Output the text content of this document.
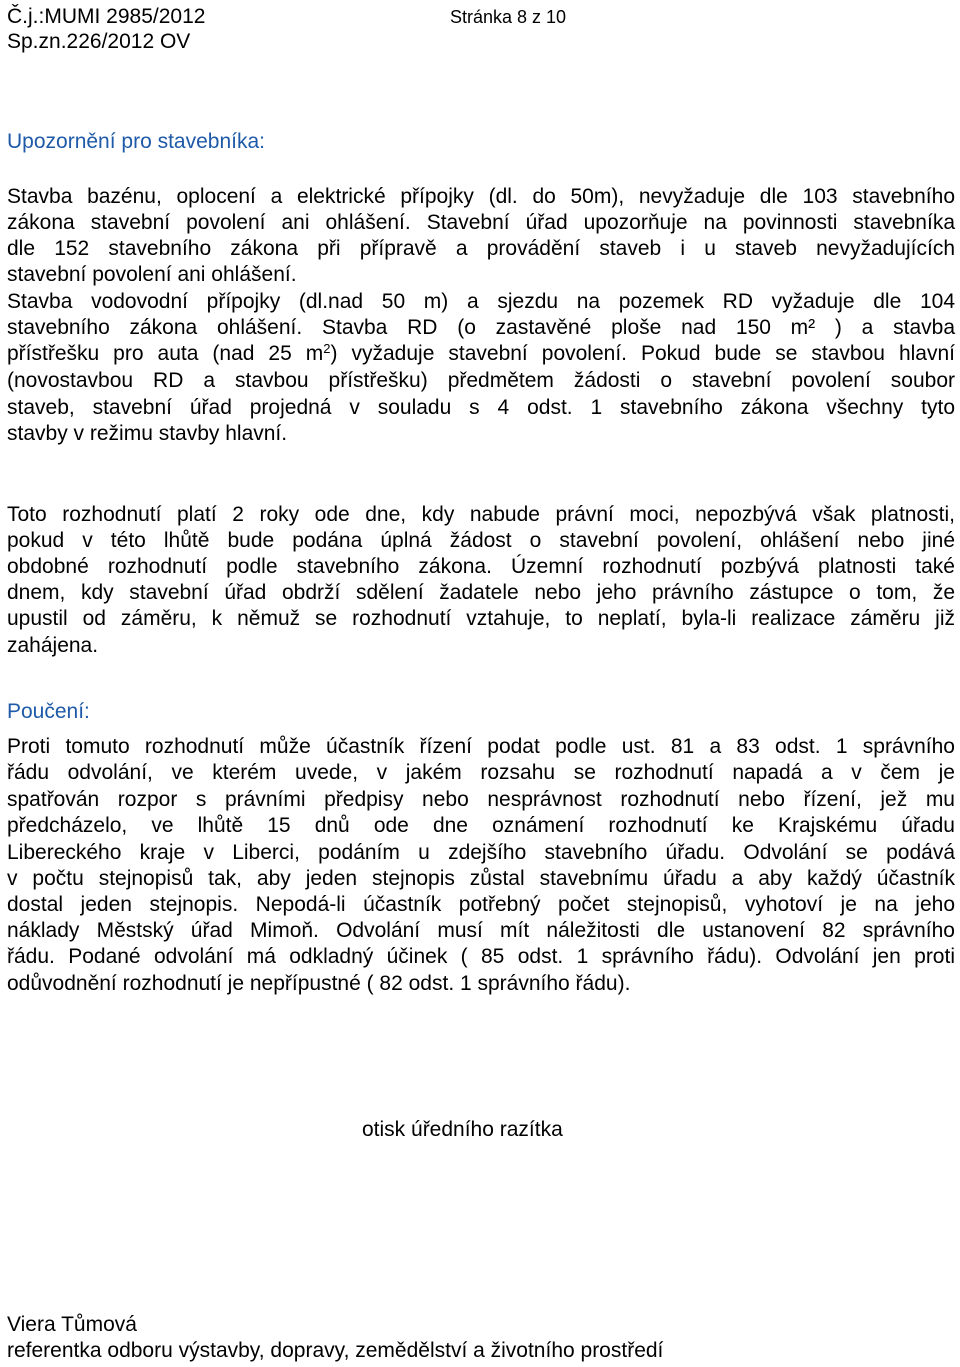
Č.j.:MUMI 2985/2012	Stránka 8 z 10
Sp.zn.226/2012 OV
Upozornění pro stavebníka:
Stavba bazénu, oplocení a elektrické přípojky (dl. do 50m), nevyžaduje dle 103 stavebního
zákona stavební povolení ani ohlášení. Stavební úřad upozorňuje na povinnosti stavebníka
dle 152 stavebního zákona při přípravě a provádění staveb i u staveb nevyžadujících
stavební povolení ani ohlášení.
Stavba vodovodní přípojky (dl.nad 50 m) a sjezdu na pozemek RD vyžaduje dle 104
stavebního zákona ohlášení. Stavba RD (o zastavěné ploše nad 150 m² ) a stavba
přístřešku pro auta (nad 25 $m^2$) vyžaduje stavební povolení. Pokud bude se stavbou hlavní
(novostavbou RD a stavbou přístřešku) předmětem žádosti o stavební povolení soubor
staveb, stavební úřad projedná v souladu s 4 odst. 1 stavebního zákona všechny tyto
stavby v režimu stavby hlavní.
Toto rozhodnutí platí 2 roky ode dne, kdy nabude právní moci, nepozbývá však platnosti,
pokud v této lhůtě bude podána úplná žádost o stavební povolení, ohlášení nebo jiné
obdobné rozhodnutí podle stavebního zákona. Územní rozhodnutí pozbývá platnosti také
dnem, kdy stavební úřad obdrží sdělení žadatele nebo jeho právního zástupce o tom, že
upustil od záměru, k němuž se rozhodnutí vztahuje, to neplatí, byla-li realizace záměru již
zahájena.
Poučení:
Proti tomuto rozhodnutí může účastník řízení podat podle ust. 81 a 83 odst. 1 správního
řádu odvolání, ve kterém uvede, v jakém rozsahu se rozhodnutí napadá a v čem je
spatřován rozpor s právními předpisy nebo nesprávnost rozhodnutí nebo řízení, jež mu
předcházelo, ve lhůtě 15 dnů ode dne oznámení rozhodnutí ke Krajskému úřadu
Libereckého kraje v Liberci, podáním u zdejšího stavebního úřadu. Odvolání se podává
v počtu stejnopisů tak, aby jeden stejnopis zůstal stavebnímu úřadu a aby každý účastník
dostal jeden stejnopis. Nepodá-li účastník potřebný počet stejnopisů, vyhotoví je na jeho
náklady Městský úřad Mimoň. Odvolání musí mít náležitosti dle ustanovení 82 správního
řádu. Podané odvolání má odkladný účinek ( 85 odst. 1 správního řádu). Odvolání jen proti
odůvodnění rozhodnutí je nepřípustné ( 82 odst. 1 správního řádu).
otisk úředního razítka
Viera Tůmová
referentka odboru výstavby, dopravy, zemědělství a životního prostředí
